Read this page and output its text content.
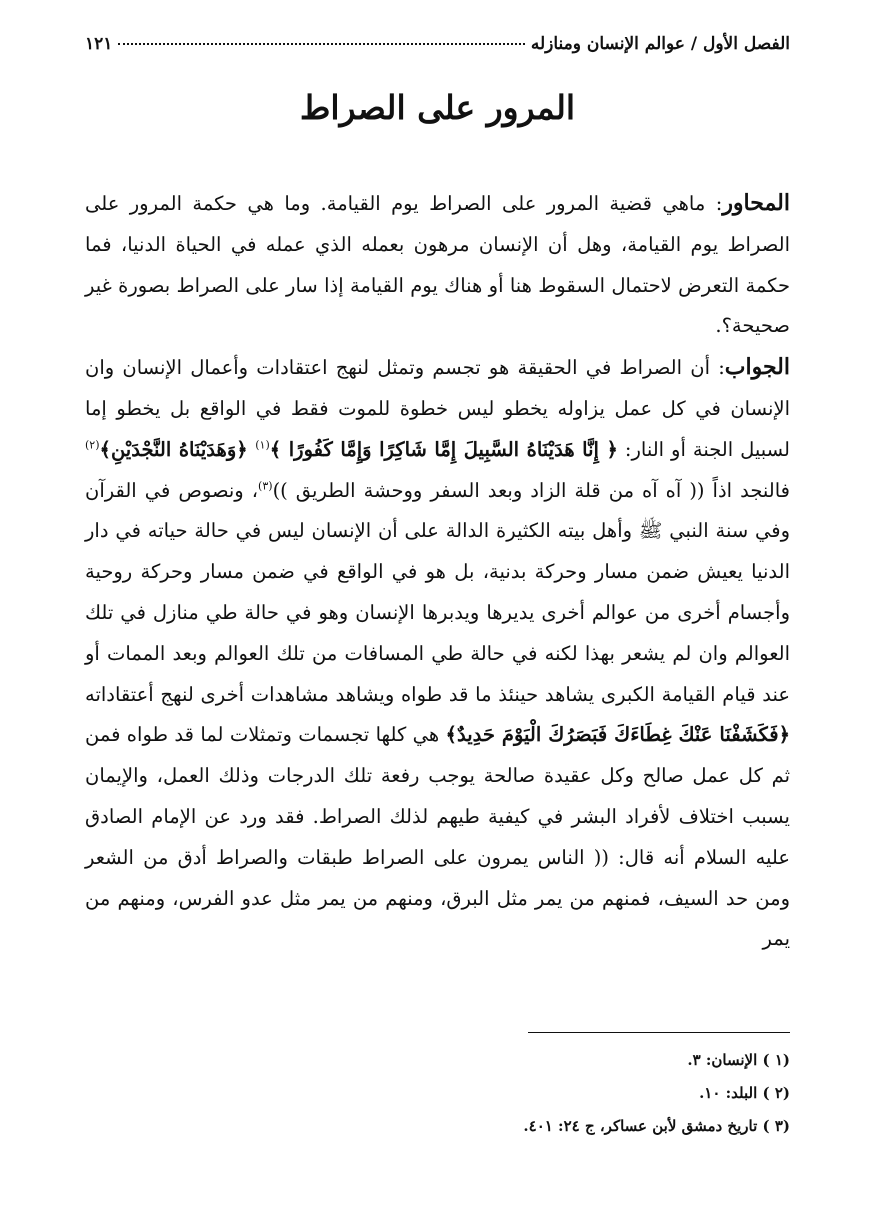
الفصل الأول / عوالم الإنسان ومنازله
١٢١
المرور على الصراط

المحاور: ماهي قضية المرور على الصراط يوم القيامة. وما هي حكمة المرور على الصراط يوم القيامة، وهل أن الإنسان مرهون بعمله الذي عمله في الحياة الدنيا، فما حكمة التعرض لاحتمال السقوط هنا أو هناك يوم القيامة إذا سار على الصراط بصورة غير صحيحة؟.

الجواب: أن الصراط في الحقيقة هو تجسم وتمثل لنهج اعتقادات وأعمال الإنسان وان الإنسان في كل عمل يزاوله يخطو ليس خطوة للموت فقط في الواقع بل يخطو إما لسبيل الجنة أو النار: ﴿ إِنَّا هَدَيْنَاهُ السَّبِيلَ إِمَّا شَاكِرًا وَإِمَّا كَفُورًا ﴾$^{(١)}$ ﴿وَهَدَيْنَاهُ النَّجْدَيْنِ﴾$^{(٢)}$ فالنجد اذاً (( آه آه من قلة الزاد وبعد السفر ووحشة الطريق ))$^{(٣)}$، ونصوص في القرآن وفي سنة النبي ﷺ وأهل بيته الكثيرة الدالة على أن الإنسان ليس في حالة حياته في دار الدنيا يعيش ضمن مسار وحركة بدنية، بل هو في الواقع في ضمن مسار وحركة روحية وأجسام أخرى من عوالم أخرى يديرها ويدبرها الإنسان وهو في حالة طي منازل في تلك العوالم وان لم يشعر بهذا لكنه في حالة طي المسافات من تلك العوالم وبعد الممات أو عند قيام القيامة الكبرى يشاهد حينئذ ما قد طواه ويشاهد مشاهدات أخرى لنهج أعتقاداته ﴿فَكَشَفْنَا عَنْكَ غِطَاءَكَ فَبَصَرُكَ الْيَوْمَ حَدِيدٌ﴾ هي كلها تجسمات وتمثلات لما قد طواه فمن ثم كل عمل صالح وكل عقيدة صالحة يوجب رفعة تلك الدرجات وذلك العمل، والإيمان يسبب اختلاف لأفراد البشر في كيفية طيهم لذلك الصراط. فقد ورد عن الإمام الصادق عليه السلام أنه قال: (( الناس يمرون على الصراط طبقات والصراط أدق من الشعر ومن حد السيف، فمنهم من يمر مثل البرق، ومنهم من يمر مثل عدو الفرس، ومنهم من يمر

(١ ) الإنسان: ٣.
(٢ ) البلد: ١٠.
(٣ ) تاريخ دمشق لأبن عساكر، ج ٢٤: ٤٠١.
